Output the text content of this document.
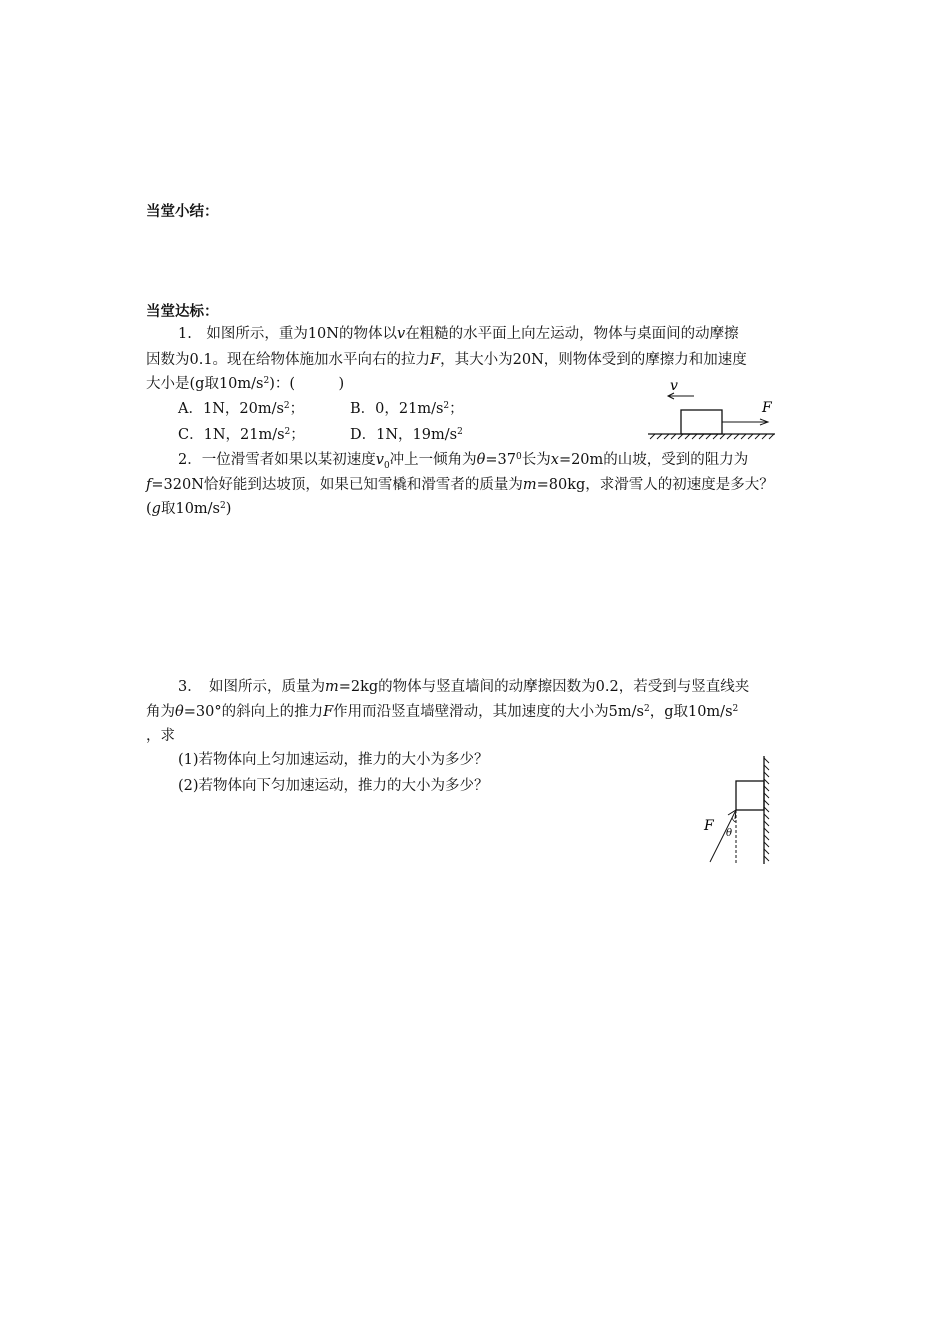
当堂小结：
当堂达标：
1.　如图所示，重为10N的物体以v在粗糙的水平面上向左运动，物体与桌面间的动摩擦
因数为0.1。现在给物体施加水平向右的拉力F，其大小为20N，则物体受到的摩擦力和加速度
大小是(g取$10m/s^2$)：(　　　)
A．1N，$20m/s^2$；	B．0，$21m/s^2$；
C．1N，$21m/s^2$；	D．1N，$19m/s^2$
v
F
2．一位滑雪者如果以某初速度$v_0$冲上一倾角为$\theta=37^0$长为x=20m的山坡，受到的阻力为
f=320N恰好能到达坡顶，如果已知雪橇和滑雪者的质量为m=80kg，求滑雪人的初速度是多大？
(g取$10m/s^2$)
3．　如图所示，质量为m=2kg的物体与竖直墙间的动摩擦因数为0.2，若受到与竖直线夹
角为θ=30°的斜向上的推力F作用而沿竖直墙壁滑动，其加速度的大小为$5m/s^2$，g取$10m/s^2$
，求
(1)若物体向上匀加速运动，推力的大小为多少？
(2)若物体向下匀加速运动，推力的大小为多少？
F θ
